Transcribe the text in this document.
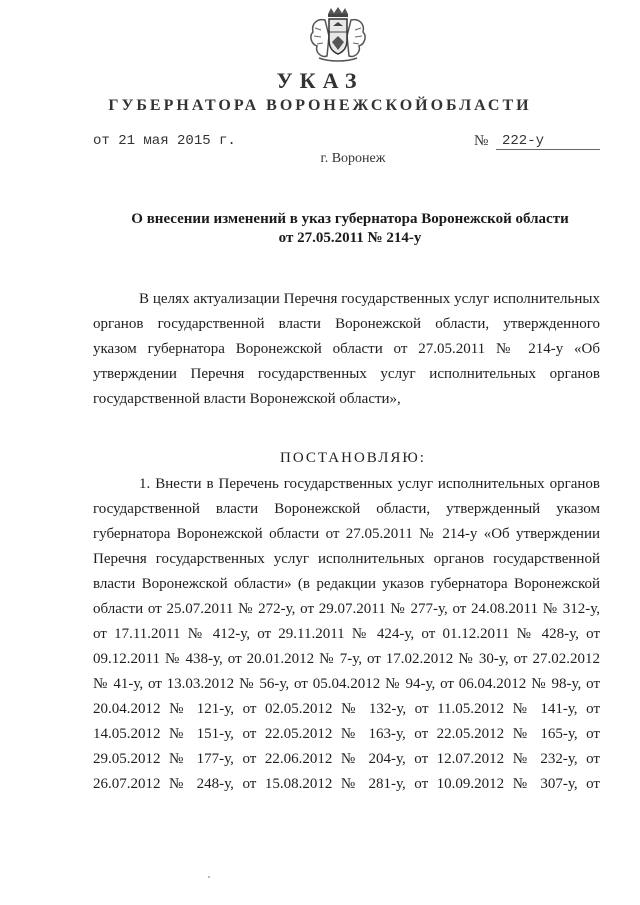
УКАЗ
ГУБЕРНАТОРА ВОРОНЕЖСКОЙОБЛАСТИ
от 21 мая 2015 г.	№ 222-у
г. Воронеж
О внесении изменений в указ губернатора Воронежской области
от 27.05.2011 № 214-у
В целях актуализации Перечня государственных услуг исполнительных
органов государственной власти Воронежской области, утвержденного
указом губернатора Воронежской области от 27.05.2011 № 214-у «Об
утверждении Перечня государственных услуг исполнительных органов
государственной власти Воронежской области»,
ПОСТАНОВЛЯЮ:
1. Внести в Перечень государственных услуг исполнительных органов
государственной власти Воронежской области, утвержденный указом
губернатора Воронежской области от 27.05.2011 № 214-у «Об утверждении
Перечня государственных услуг исполнительных органов государственной
власти Воронежской области» (в редакции указов губернатора Воронежской
области от 25.07.2011 № 272-у, от 29.07.2011 № 277-у, от 24.08.2011 № 312-у,
от 17.11.2011 № 412-у, от 29.11.2011 № 424-у, от 01.12.2011 № 428-у, от
09.12.2011 № 438-у, от 20.01.2012 № 7-у, от 17.02.2012 № 30-у, от 27.02.2012
№ 41-у, от 13.03.2012 № 56-у, от 05.04.2012 № 94-у, от 06.04.2012 № 98-у, от
20.04.2012 № 121-у, от 02.05.2012 № 132-у, от 11.05.2012 № 141-у, от
14.05.2012 № 151-у, от 22.05.2012 № 163-у, от 22.05.2012 № 165-у, от
29.05.2012 № 177-у, от 22.06.2012 № 204-у, от 12.07.2012 № 232-у, от
26.07.2012 № 248-у, от 15.08.2012 № 281-у, от 10.09.2012 № 307-у, от
